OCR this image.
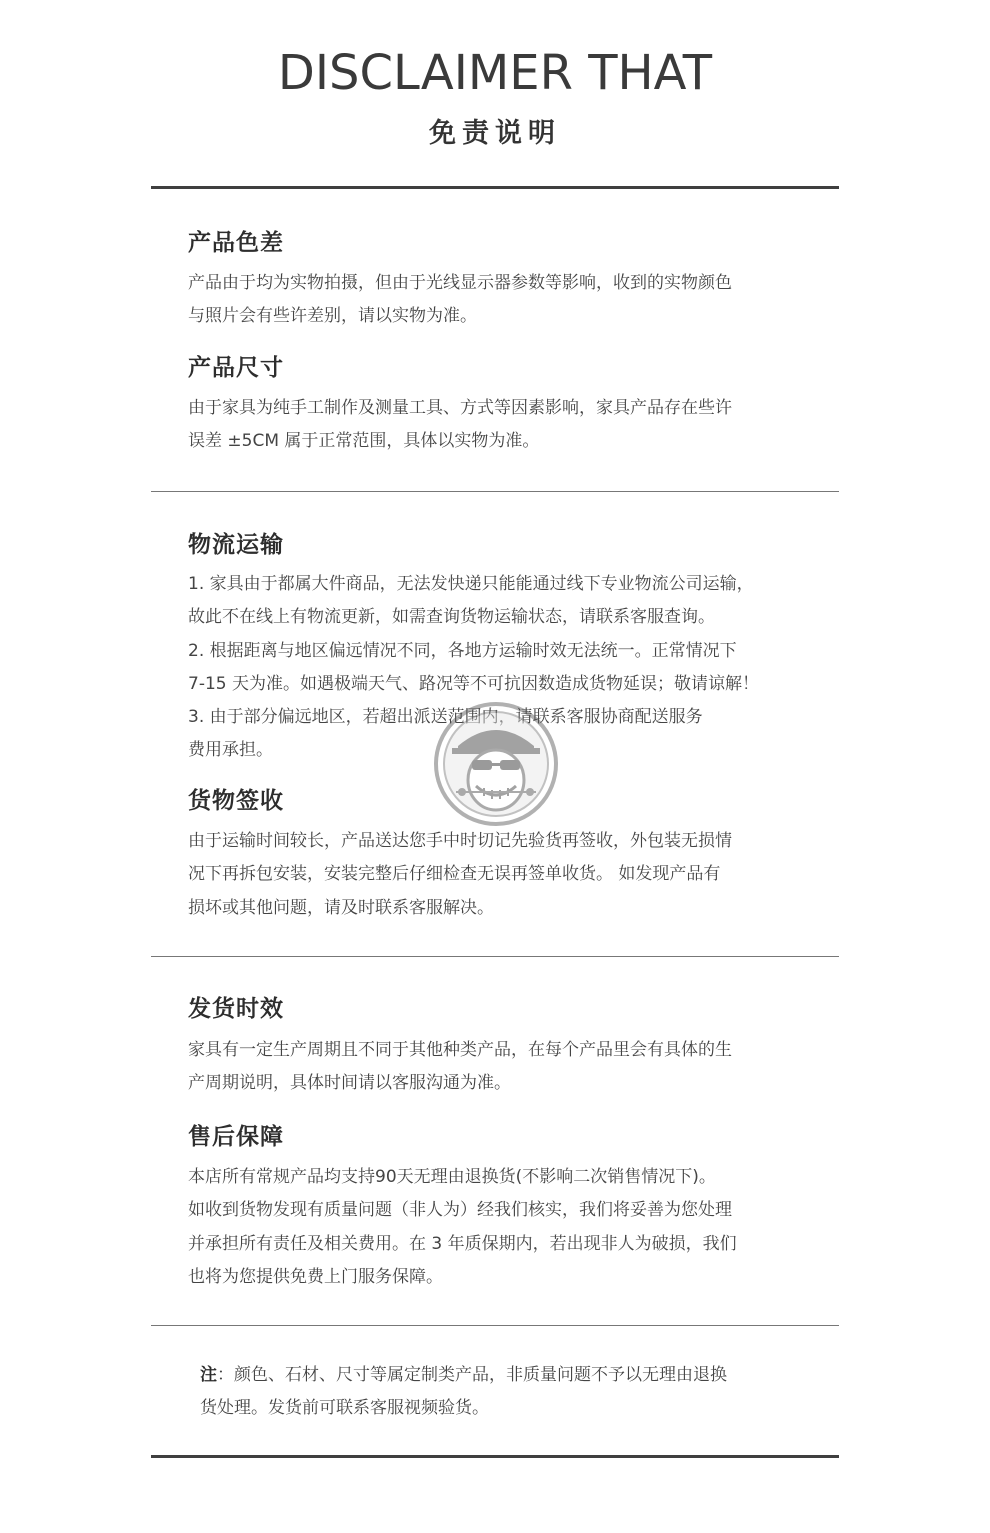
DISCLAIMER THAT
免责说明
产品色差

产品由于均为实物拍摄，但由于光线显示器参数等影响，收到的实物颜色

与照片会有些许差别，请以实物为准。

产品尺寸

由于家具为纯手工制作及测量工具、方式等因素影响，家具产品存在些许

误差 ±5CM 属于正常范围，具体以实物为准。

物流运输

1. 家具由于都属大件商品，无法发快递只能能通过线下专业物流公司运输，

故此不在线上有物流更新，如需查询货物运输状态，请联系客服查询。

2. 根据距离与地区偏远情况不同，各地方运输时效无法统一。正常情况下

7-15 天为准。如遇极端天气、路况等不可抗因数造成货物延误；敬请谅解！

3. 由于部分偏远地区，若超出派送范围内，请联系客服协商配送服务

费用承担。

货物签收

由于运输时间较长，产品送达您手中时切记先验货再签收，外包装无损情

况下再拆包安装，安装完整后仔细检查无误再签单收货。 如发现产品有

损坏或其他问题，请及时联系客服解决。

发货时效

家具有一定生产周期且不同于其他种类产品，在每个产品里会有具体的生

产周期说明，具体时间请以客服沟通为准。

售后保障

本店所有常规产品均支持90天无理由退换货(不影响二次销售情况下)。

如收到货物发现有质量问题（非人为）经我们核实，我们将妥善为您处理

并承担所有责任及相关费用。在 3 年质保期内，若出现非人为破损，我们

也将为您提供免费上门服务保障。

注：颜色、石材、尺寸等属定制类产品，非质量问题不予以无理由退换

货处理。发货前可联系客服视频验货。
